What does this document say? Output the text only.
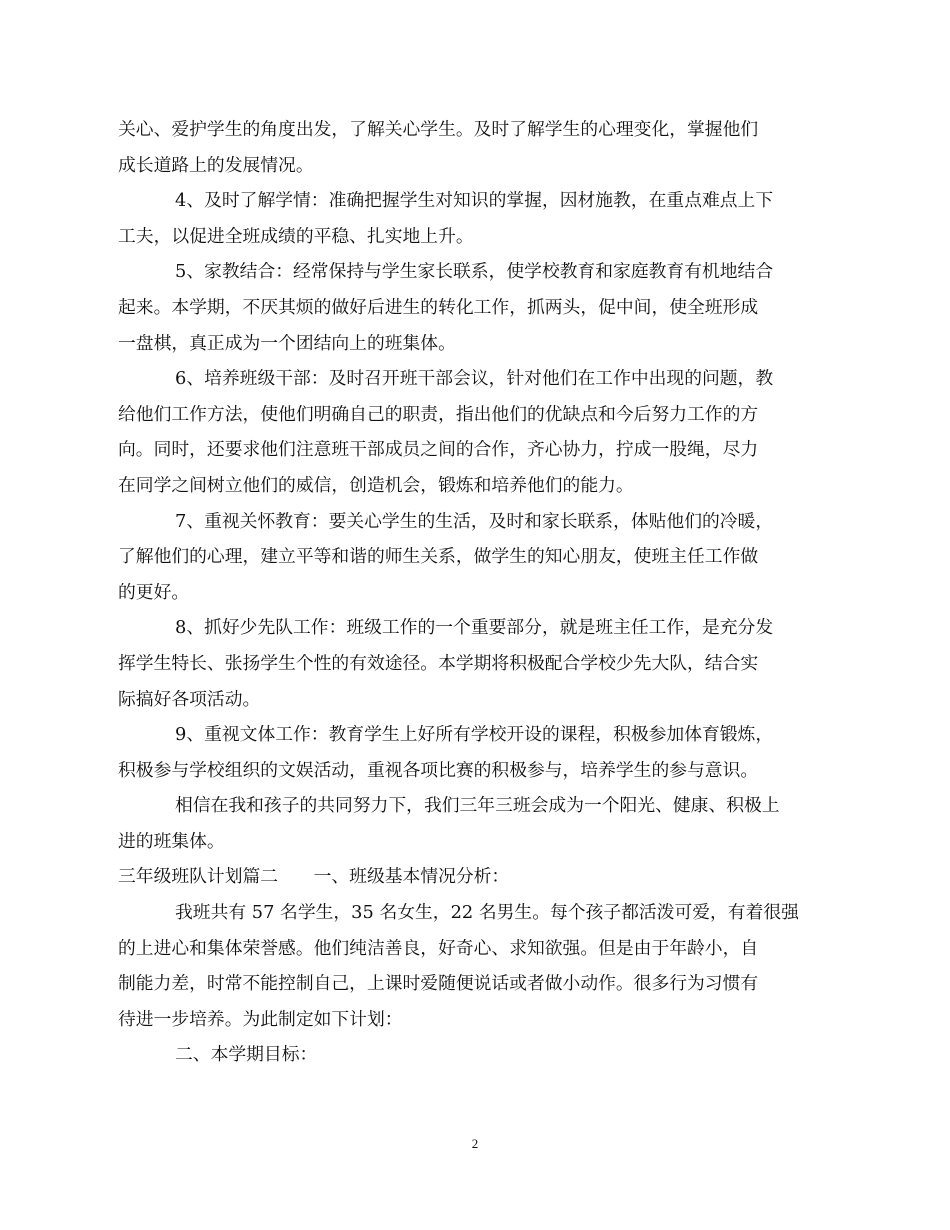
关心、爱护学生的角度出发，了解关心学生。及时了解学生的心理变化，掌握他们
成长道路上的发展情况。
4、及时了解学情：准确把握学生对知识的掌握，因材施教，在重点难点上下
工夫，以促进全班成绩的平稳、扎实地上升。
5、家教结合：经常保持与学生家长联系，使学校教育和家庭教育有机地结合
起来。本学期，不厌其烦的做好后进生的转化工作，抓两头，促中间，使全班形成
一盘棋，真正成为一个团结向上的班集体。
6、培养班级干部：及时召开班干部会议，针对他们在工作中出现的问题，教
给他们工作方法，使他们明确自己的职责，指出他们的优缺点和今后努力工作的方
向。同时，还要求他们注意班干部成员之间的合作，齐心协力，拧成一股绳，尽力
在同学之间树立他们的威信，创造机会，锻炼和培养他们的能力。
7、重视关怀教育：要关心学生的生活，及时和家长联系，体贴他们的冷暖，
了解他们的心理，建立平等和谐的师生关系，做学生的知心朋友，使班主任工作做
的更好。
8、抓好少先队工作：班级工作的一个重要部分，就是班主任工作，是充分发
挥学生特长、张扬学生个性的有效途径。本学期将积极配合学校少先大队，结合实
际搞好各项活动。
9、重视文体工作：教育学生上好所有学校开设的课程，积极参加体育锻炼，
积极参与学校组织的文娱活动，重视各项比赛的积极参与，培养学生的参与意识。
相信在我和孩子的共同努力下，我们三年三班会成为一个阳光、健康、积极上
进的班集体。
三年级班队计划篇二　　一、班级基本情况分析：
我班共有 57 名学生，35 名女生，22 名男生。每个孩子都活泼可爱，有着很强
的上进心和集体荣誉感。他们纯洁善良，好奇心、求知欲强。但是由于年龄小，自
制能力差，时常不能控制自己，上课时爱随便说话或者做小动作。很多行为习惯有
待进一步培养。为此制定如下计划：
二、本学期目标：
2
